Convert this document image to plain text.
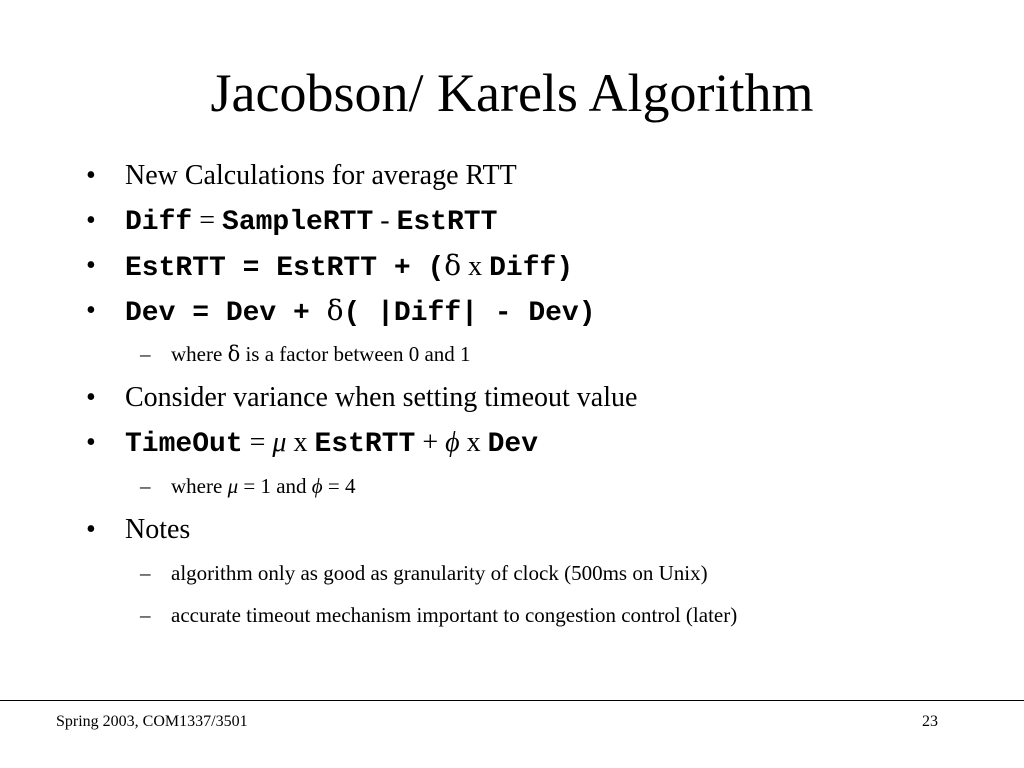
Jacobson/ Karels Algorithm
•	New Calculations for average RTT
•	Diff = SampleRTT - EstRTT
•	EstRTT = EstRTT + (δ x Diff)
•	Dev = Dev + δ( |Diff| - Dev)
– where δ is a factor between 0 and 1
•	Consider variance when setting timeout value
•	TimeOut = μ x EstRTT + ϕ x Dev
– where μ = 1 and ϕ = 4
•	Notes
– algorithm only as good as granularity of clock (500ms on Unix)
– accurate timeout mechanism important to congestion control (later)
Spring 2003, COM1337/3501	23
